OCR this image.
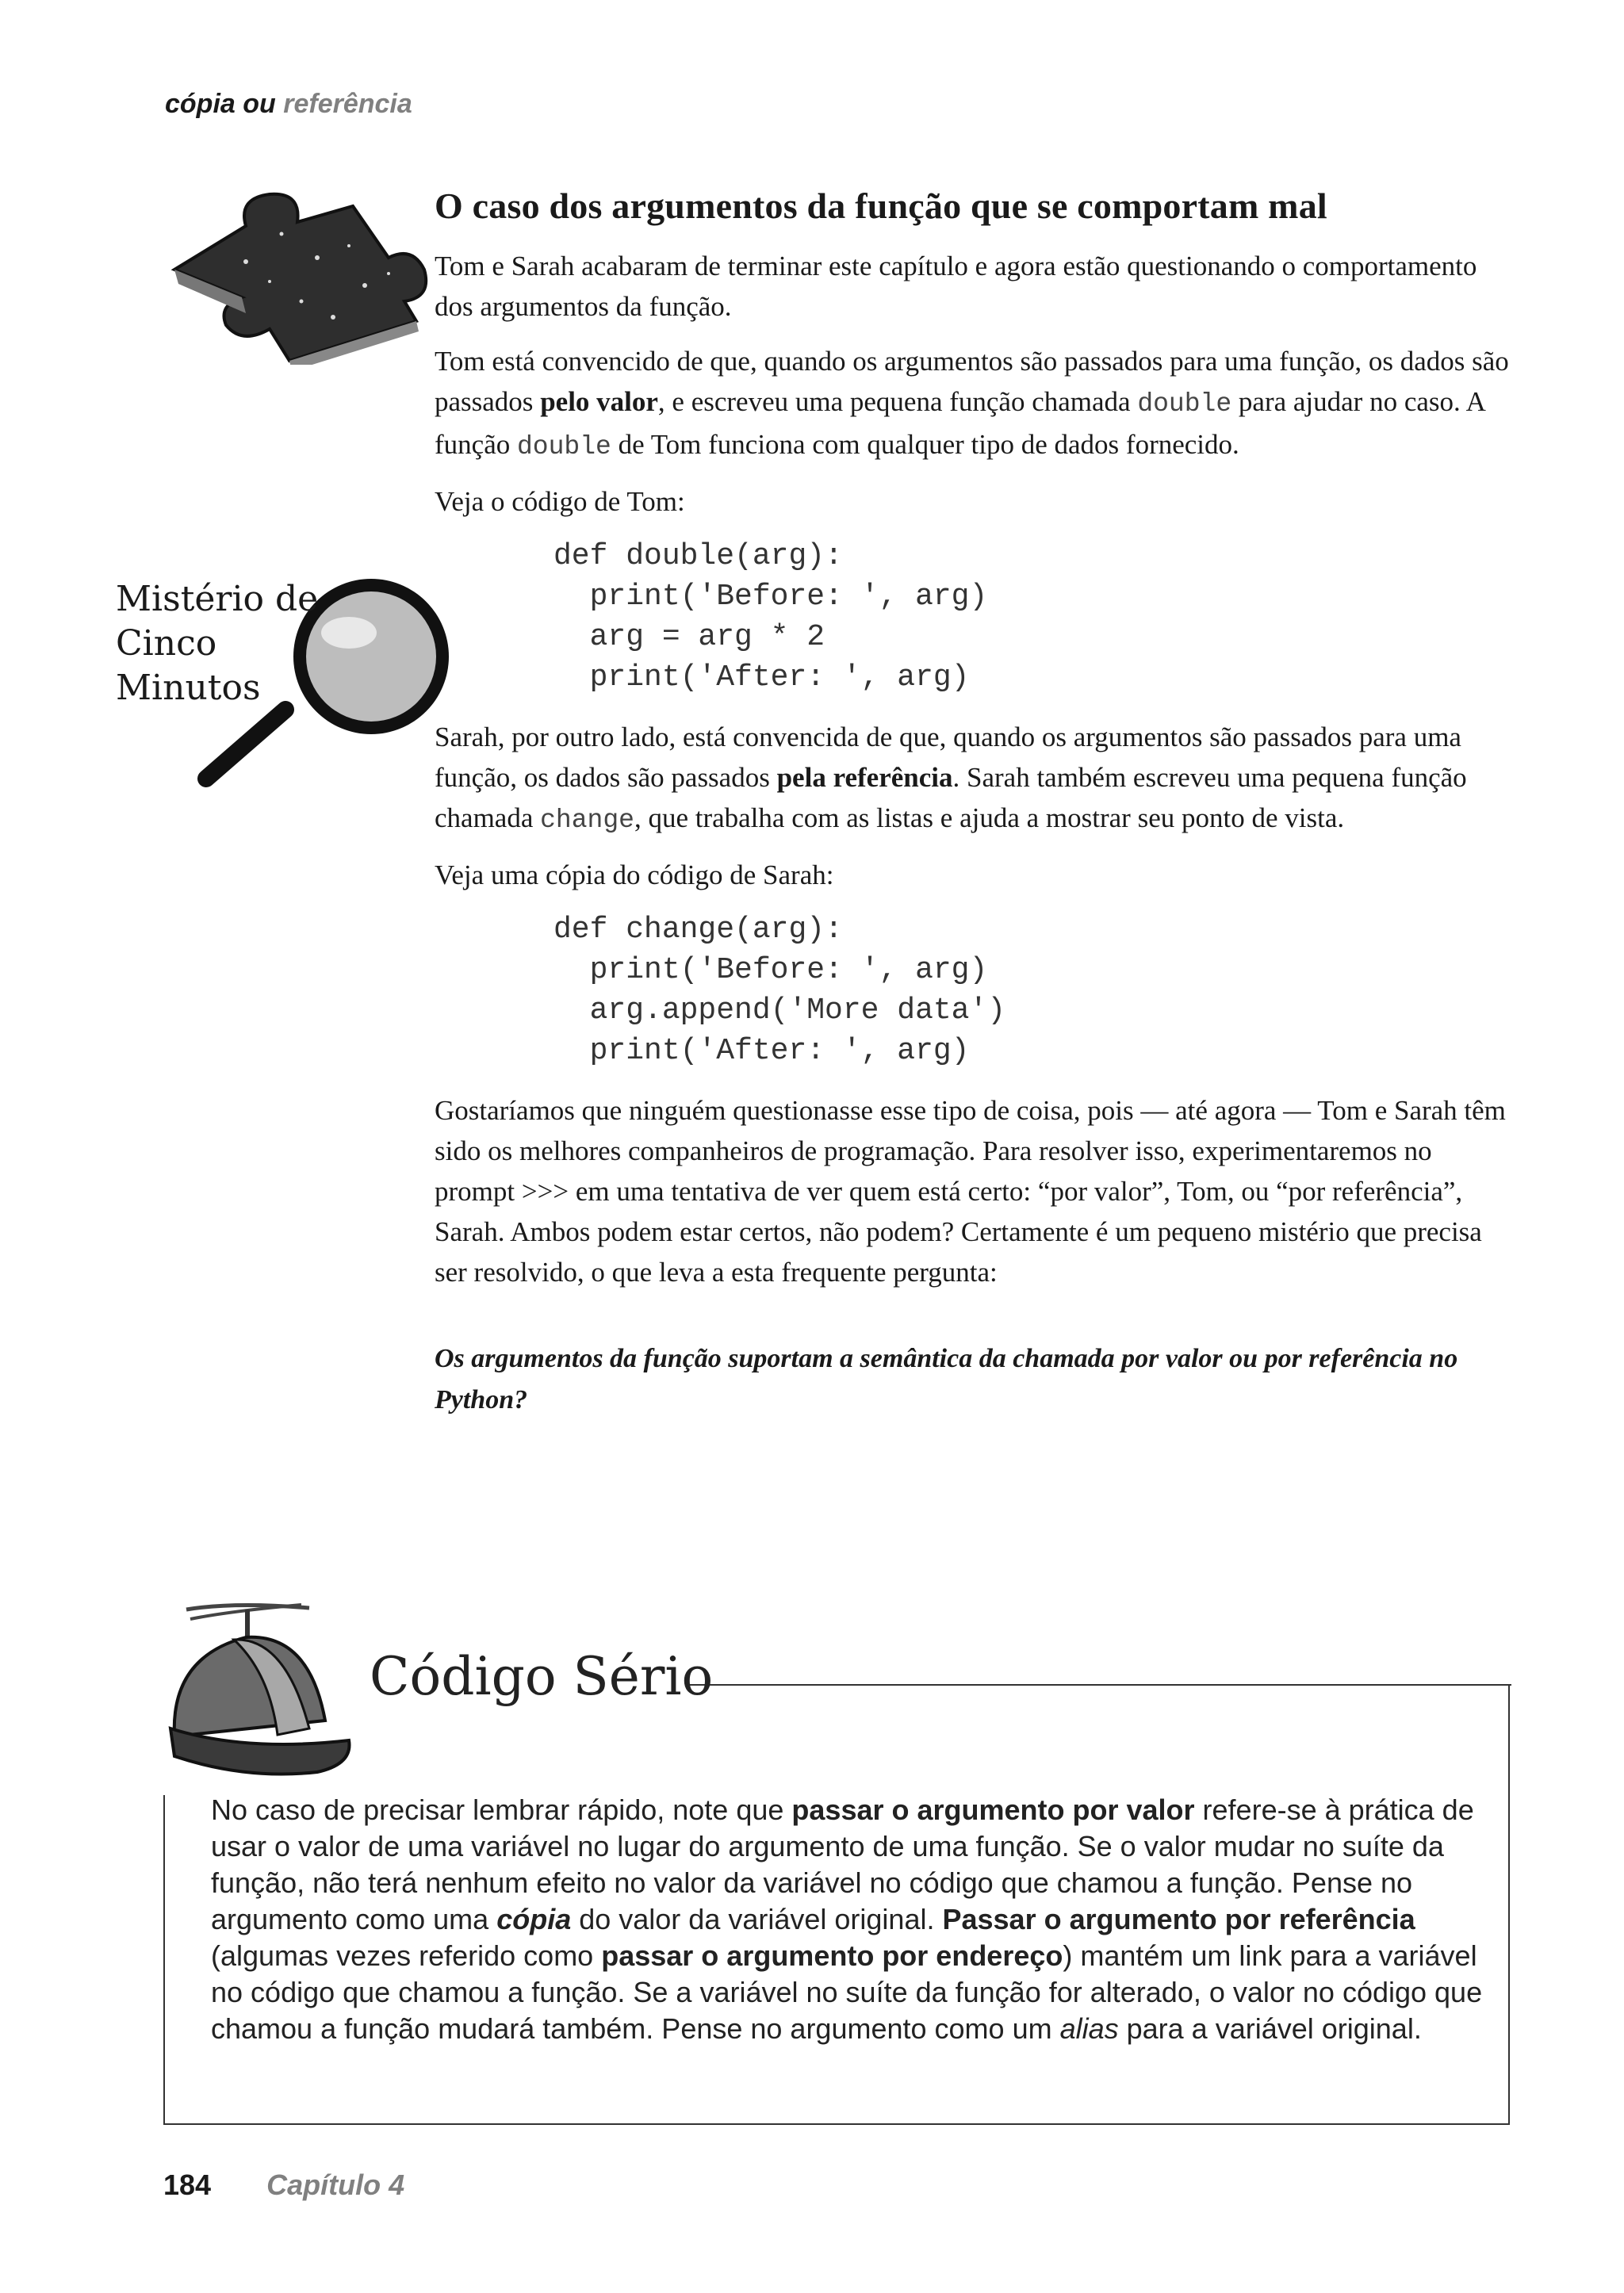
cópia ou referência
Mistério de
Cinco
Minutos
O caso dos argumentos da função que se comportam mal

Tom e Sarah acabaram de terminar este capítulo e agora estão questionando o comportamento dos argumentos da função.

Tom está convencido de que, quando os argumentos são passados para uma função, os dados são passados pelo valor, e escreveu uma pequena função chamada double para ajudar no caso. A função double de Tom funciona com qualquer tipo de dados fornecido.

Veja o código de Tom:

def double(arg):
print('Before: ', arg)
arg = arg * 2
print('After: ', arg)

Sarah, por outro lado, está convencida de que, quando os argumentos são passados para uma função, os dados são passados pela referência. Sarah também escreveu uma pequena função chamada change, que trabalha com as listas e ajuda a mostrar seu ponto de vista.

Veja uma cópia do código de Sarah:

def change(arg):
print('Before: ', arg)
arg.append('More data')
print('After: ', arg)

Gostaríamos que ninguém questionasse esse tipo de coisa, pois — até agora — Tom e Sarah têm sido os melhores companheiros de programação. Para resolver isso, experimentaremos no prompt >>> em uma tentativa de ver quem está certo: “por valor”, Tom, ou “por referência”, Sarah. Ambos podem estar certos, não podem? Certamente é um pequeno mistério que precisa ser resolvido, o que leva a esta frequente pergunta:

Os argumentos da função suportam a semântica da chamada por valor ou por referência no Python?
Código Sério
No caso de precisar lembrar rápido, note que passar o argumento por valor refere-se à prática de usar o valor de uma variável no lugar do argumento de uma função. Se o valor mudar no suíte da função, não terá nenhum efeito no valor da variável no código que chamou a função. Pense no argumento como uma cópia do valor da variável original. Passar o argumento por referência (algumas vezes referido como passar o argumento por endereço) mantém um link para a variável no código que chamou a função. Se a variável no suíte da função for alterado, o valor no código que chamou a função mudará também. Pense no argumento como um alias para a variável original.
184 Capítulo 4
